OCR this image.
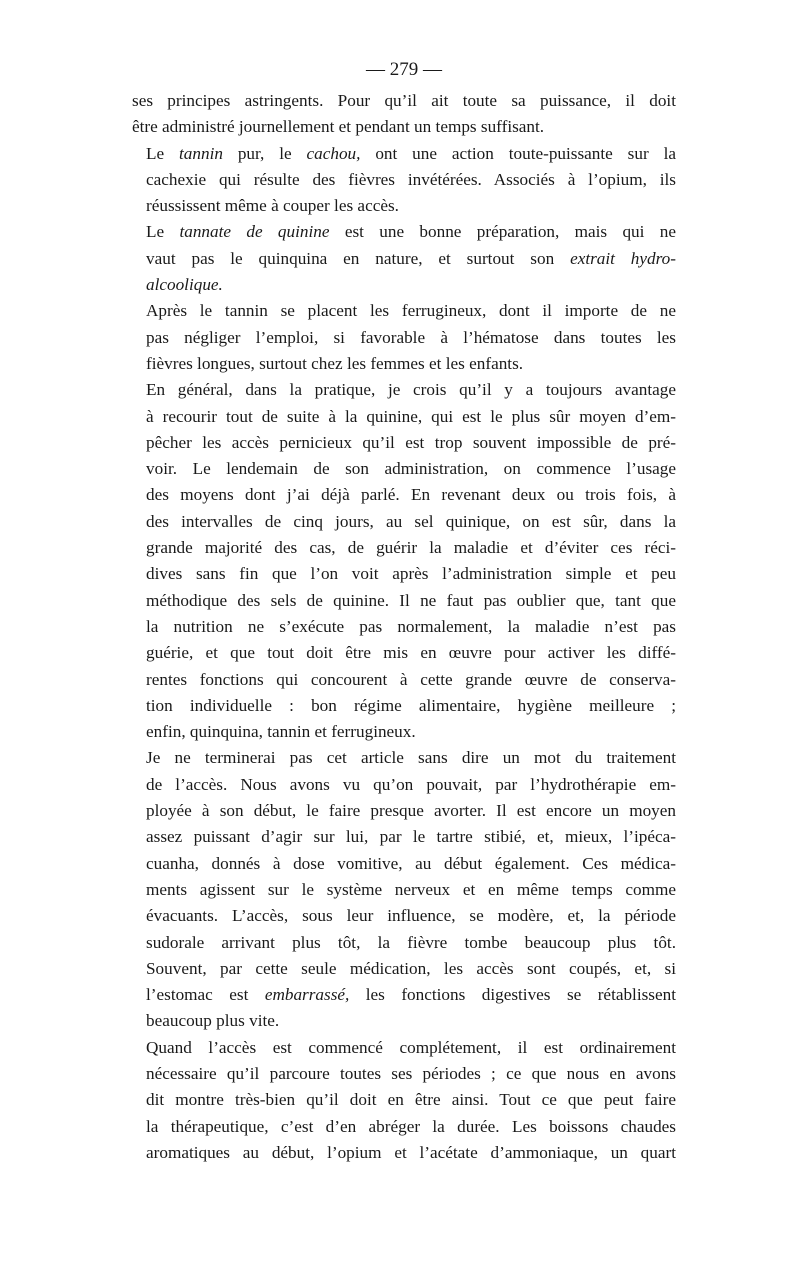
— 279 —
ses principes astringents. Pour qu’il ait toute sa puissance, il doit
être administré journellement et pendant un temps suffisant.
Le tannin pur, le cachou, ont une action toute-puissante sur la
cachexie qui résulte des fièvres invétérées. Associés à l’opium, ils
réussissent même à couper les accès.
Le tannate de quinine est une bonne préparation, mais qui ne
vaut pas le quinquina en nature, et surtout son extrait hydro-
alcoolique.
Après le tannin se placent les ferrugineux, dont il importe de ne
pas négliger l’emploi, si favorable à l’hématose dans toutes les
fièvres longues, surtout chez les femmes et les enfants.
En général, dans la pratique, je crois qu’il y a toujours avantage
à recourir tout de suite à la quinine, qui est le plus sûr moyen d’em-
pêcher les accès pernicieux qu’il est trop souvent impossible de pré-
voir. Le lendemain de son administration, on commence l’usage
des moyens dont j’ai déjà parlé. En revenant deux ou trois fois, à
des intervalles de cinq jours, au sel quinique, on est sûr, dans la
grande majorité des cas, de guérir la maladie et d’éviter ces réci-
dives sans fin que l’on voit après l’administration simple et peu
méthodique des sels de quinine. Il ne faut pas oublier que, tant que
la nutrition ne s’exécute pas normalement, la maladie n’est pas
guérie, et que tout doit être mis en œuvre pour activer les diffé-
rentes fonctions qui concourent à cette grande œuvre de conserva-
tion individuelle : bon régime alimentaire, hygiène meilleure ;
enfin, quinquina, tannin et ferrugineux.
Je ne terminerai pas cet article sans dire un mot du traitement
de l’accès. Nous avons vu qu’on pouvait, par l’hydrothérapie em-
ployée à son début, le faire presque avorter. Il est encore un moyen
assez puissant d’agir sur lui, par le tartre stibié, et, mieux, l’ipéca-
cuanha, donnés à dose vomitive, au début également. Ces médica-
ments agissent sur le système nerveux et en même temps comme
évacuants. L’accès, sous leur influence, se modère, et, la période
sudorale arrivant plus tôt, la fièvre tombe beaucoup plus tôt.
Souvent, par cette seule médication, les accès sont coupés, et, si
l’estomac est embarrassé, les fonctions digestives se rétablissent
beaucoup plus vite.
Quand l’accès est commencé complétement, il est ordinairement
nécessaire qu’il parcoure toutes ses périodes ; ce que nous en avons
dit montre très-bien qu’il doit en être ainsi. Tout ce que peut faire
la thérapeutique, c’est d’en abréger la durée. Les boissons chaudes
aromatiques au début, l’opium et l’acétate d’ammoniaque, un quart
